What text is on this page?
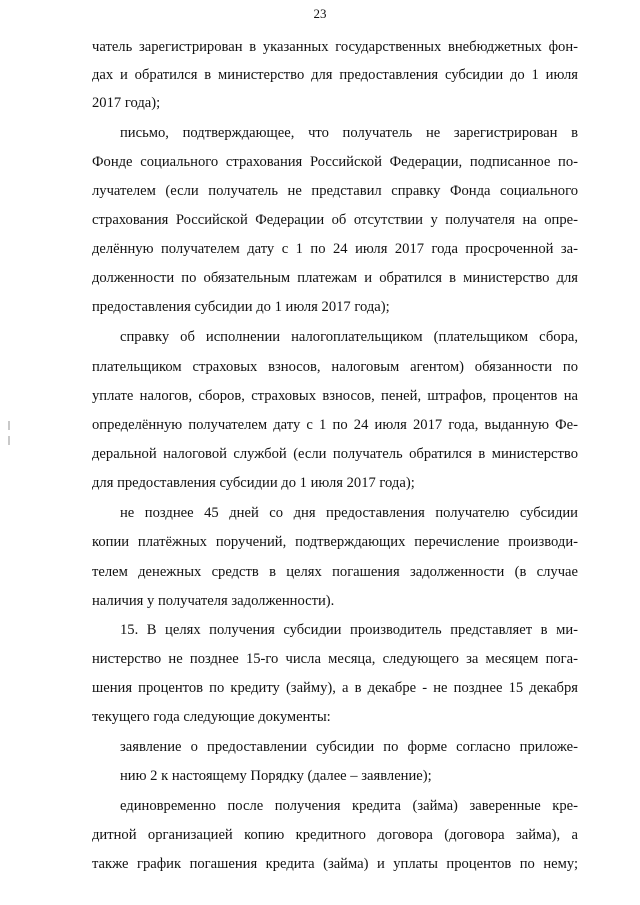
23
чатель зарегистрирован в указанных государственных внебюджетных фон-
дах и обратился в министерство для предоставления субсидии до 1 июля
2017 года);
письмо, подтверждающее, что получатель не зарегистрирован в
Фонде социального страхования Российской Федерации, подписанное по-
лучателем (если получатель не представил справку Фонда социального
страхования Российской Федерации об отсутствии у получателя на опре-
делённую получателем дату с 1 по 24 июля 2017 года просроченной за-
долженности по обязательным платежам и обратился в министерство для
предоставления субсидии до 1 июля 2017 года);
справку об исполнении налогоплательщиком (плательщиком сбора,
плательщиком страховых взносов, налоговым агентом) обязанности по
уплате налогов, сборов, страховых взносов, пеней, штрафов, процентов на
определённую получателем дату с 1 по 24 июля 2017 года, выданную Фе-
деральной налоговой службой (если получатель обратился в министерство
для предоставления субсидии до 1 июля 2017 года);
не позднее 45 дней со дня предоставления получателю субсидии
копии платёжных поручений, подтверждающих перечисление производи-
телем денежных средств в целях погашения задолженности (в случае
наличия у получателя задолженности).
15. В целях получения субсидии производитель представляет в ми-
нистерство не позднее 15-го числа месяца, следующего за месяцем пога-
шения процентов по кредиту (займу), а в декабре - не позднее 15 декабря
текущего года следующие документы:
заявление о предоставлении субсидии по форме согласно приложе-
нию 2 к настоящему Порядку (далее – заявление);
единовременно после получения кредита (займа) заверенные кре-
дитной организацией копию кредитного договора (договора займа), а
также график погашения кредита (займа) и уплаты процентов по нему;
